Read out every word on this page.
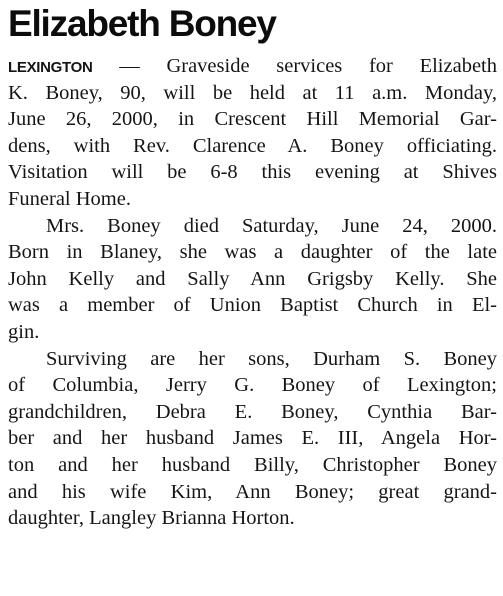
Elizabeth Boney
LEXINGTON — Graveside services for Elizabeth
K. Boney, 90, will be held at 11 a.m. Monday,
June 26, 2000, in Crescent Hill Memorial Gar-
dens, with Rev. Clarence A. Boney officiating.
Visitation will be 6-8 this evening at Shives
Funeral Home.
Mrs. Boney died Saturday, June 24, 2000.
Born in Blaney, she was a daughter of the late
John Kelly and Sally Ann Grigsby Kelly. She
was a member of Union Baptist Church in El-
gin.
Surviving are her sons, Durham S. Boney
of Columbia, Jerry G. Boney of Lexington;
grandchildren, Debra E. Boney, Cynthia Bar-
ber and her husband James E. III, Angela Hor-
ton and her husband Billy, Christopher Boney
and his wife Kim, Ann Boney; great grand-
daughter, Langley Brianna Horton.
